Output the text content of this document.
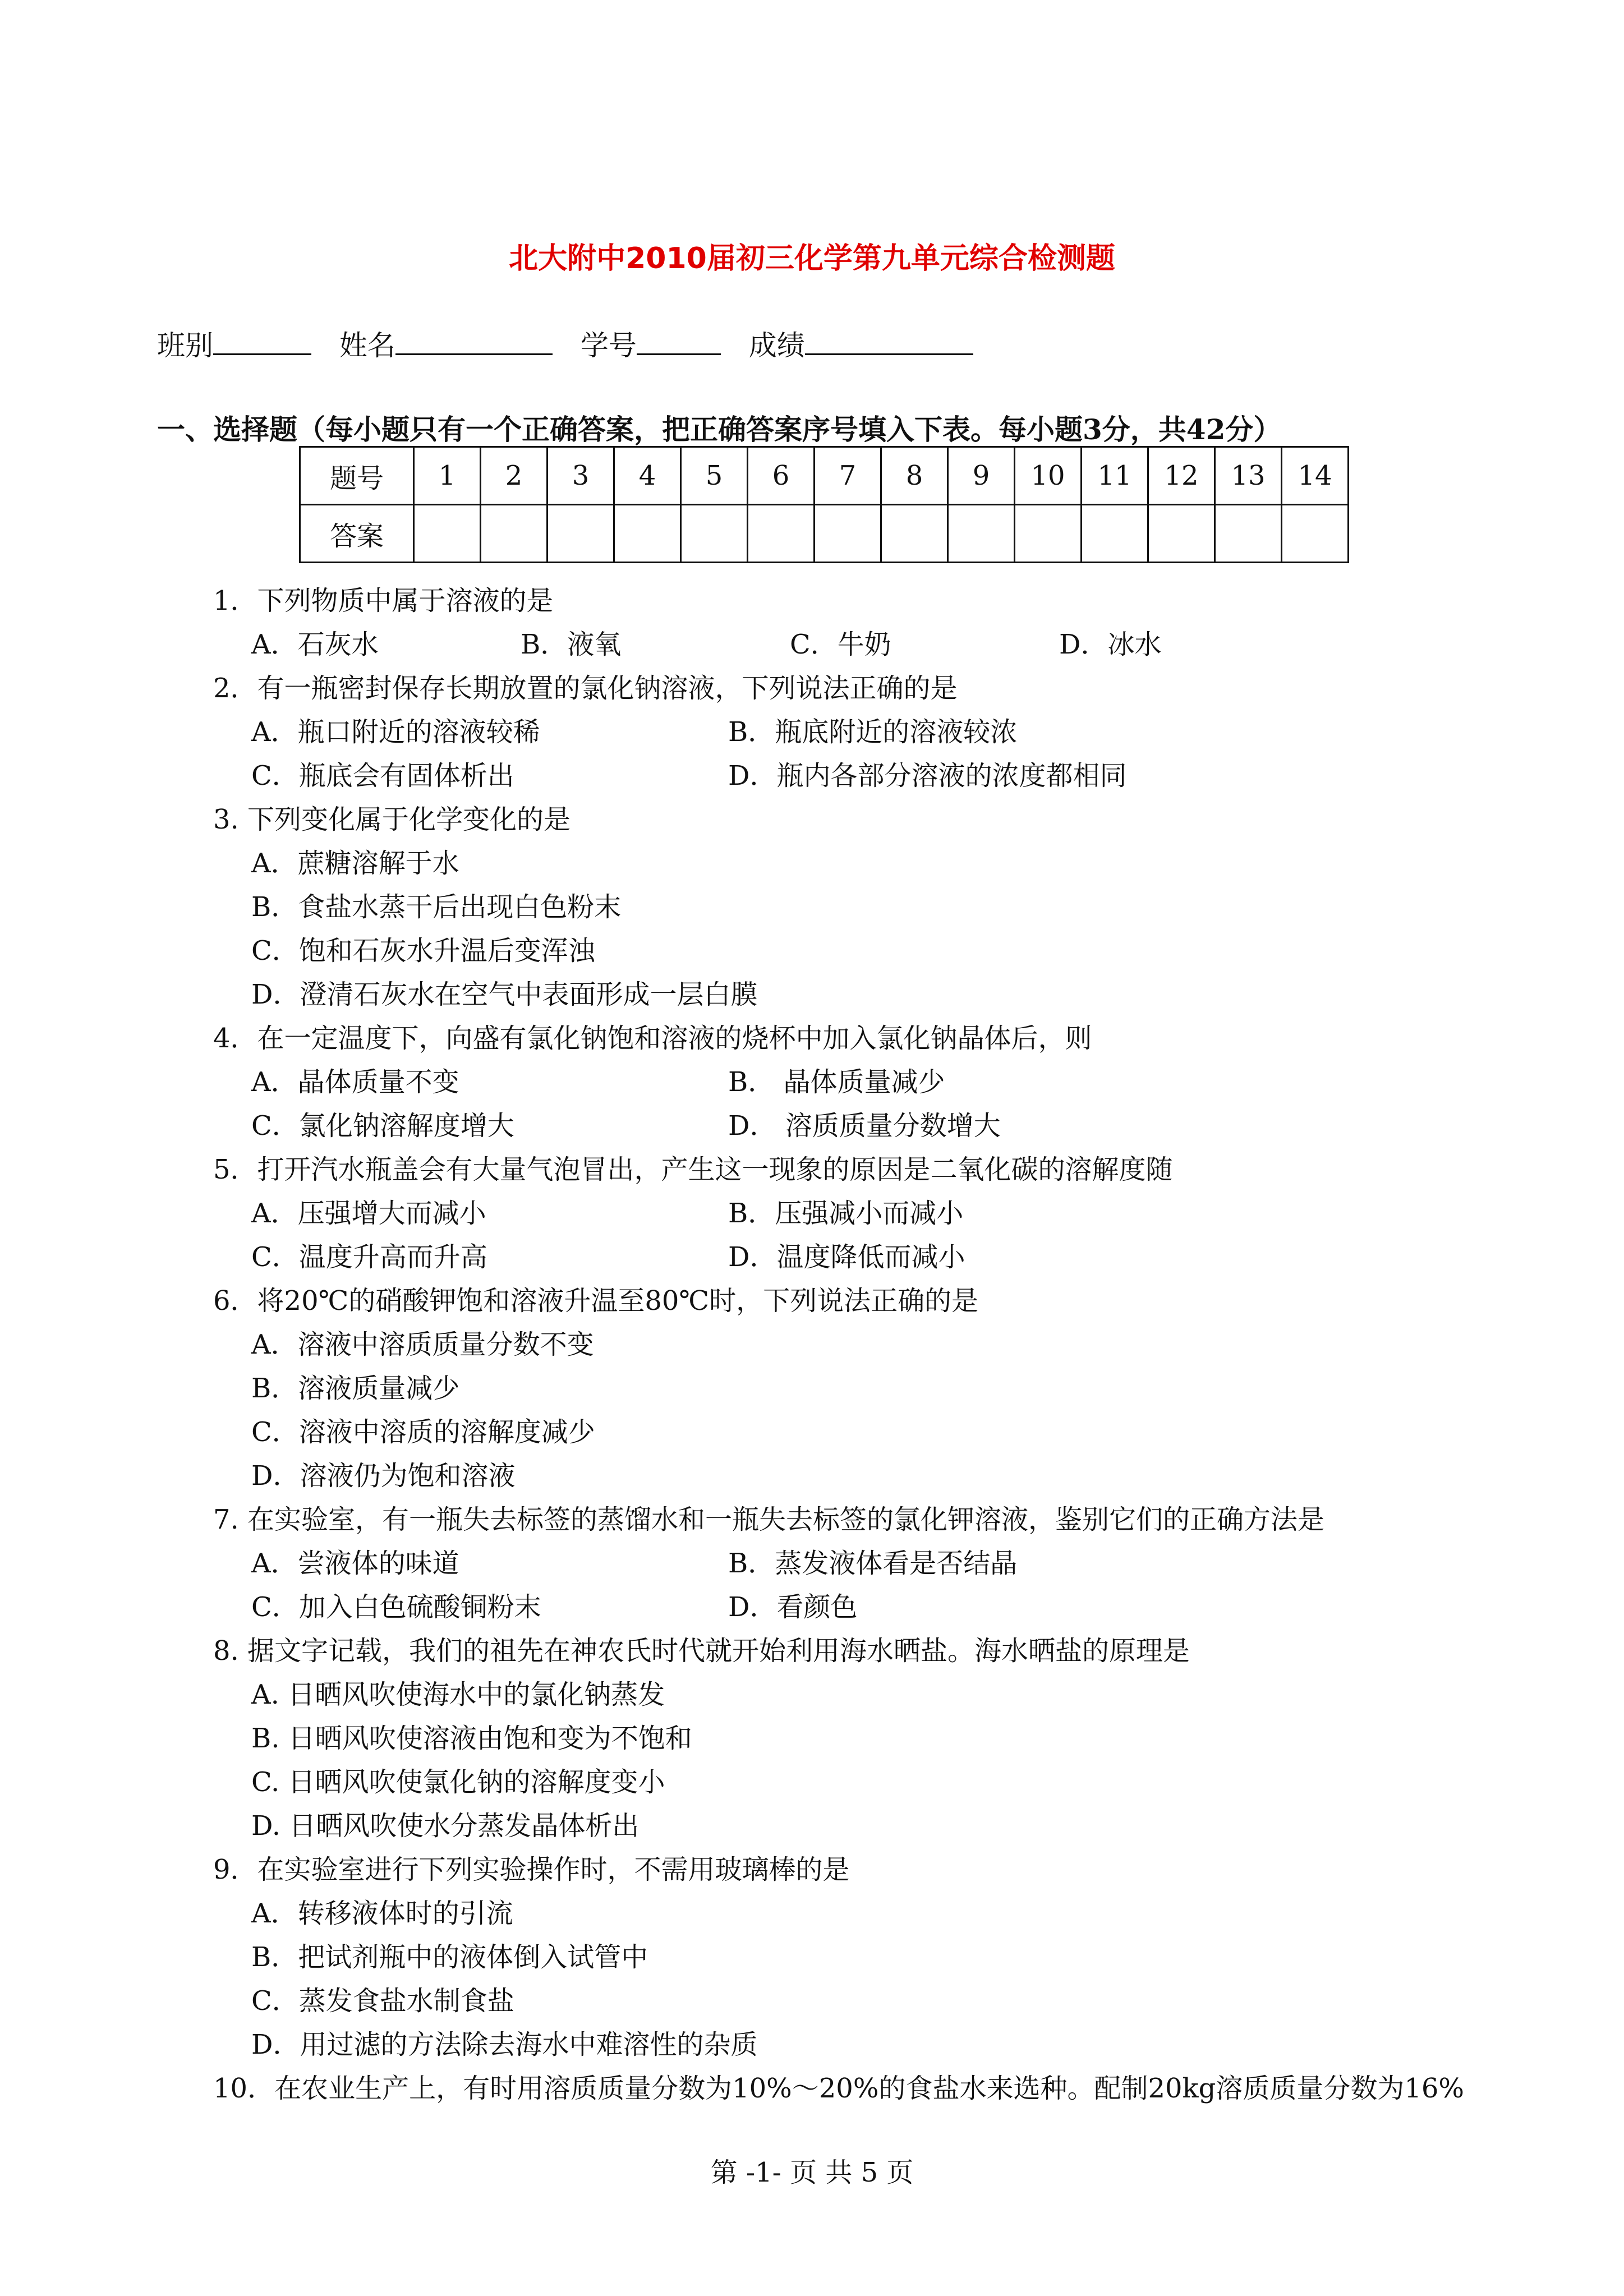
北大附中2010届初三化学第九单元综合检测题
班别	姓名	学号	成绩
一、选择题（每小题只有一个正确答案，把正确答案序号填入下表。每小题3分，共42分）
题号	1	2	3	4	5	6	7	8	9	10	11	12	13	14
答案														
1．下列物质中属于溶液的是
A．石灰水	B．液氧	C．牛奶	D．冰水
2．有一瓶密封保存长期放置的氯化钠溶液，下列说法正确的是
A．瓶口附近的溶液较稀	B．瓶底附近的溶液较浓
C．瓶底会有固体析出	D．瓶内各部分溶液的浓度都相同
3. 下列变化属于化学变化的是
A．蔗糖溶解于水
B．食盐水蒸干后出现白色粉末
C．饱和石灰水升温后变浑浊
D．澄清石灰水在空气中表面形成一层白膜
4．在一定温度下，向盛有氯化钠饱和溶液的烧杯中加入氯化钠晶体后，则
A．晶体质量不变	B． 晶体质量减少
C．氯化钠溶解度增大	D． 溶质质量分数增大
5．打开汽水瓶盖会有大量气泡冒出，产生这一现象的原因是二氧化碳的溶解度随
A．压强增大而减小	B．压强减小而减小
C．温度升高而升高	D．温度降低而减小
6．将20℃的硝酸钾饱和溶液升温至80℃时，下列说法正确的是
A．溶液中溶质质量分数不变
B．溶液质量减少
C．溶液中溶质的溶解度减少
D．溶液仍为饱和溶液
7. 在实验室，有一瓶失去标签的蒸馏水和一瓶失去标签的氯化钾溶液，鉴别它们的正确方法是
A．尝液体的味道	B．蒸发液体看是否结晶
C．加入白色硫酸铜粉末	D．看颜色
8. 据文字记载，我们的祖先在神农氏时代就开始利用海水晒盐。海水晒盐的原理是
A. 日晒风吹使海水中的氯化钠蒸发
B. 日晒风吹使溶液由饱和变为不饱和
C. 日晒风吹使氯化钠的溶解度变小
D. 日晒风吹使水分蒸发晶体析出
9．在实验室进行下列实验操作时，不需用玻璃棒的是
A．转移液体时的引流
B．把试剂瓶中的液体倒入试管中
C．蒸发食盐水制食盐
D．用过滤的方法除去海水中难溶性的杂质
10．在农业生产上，有时用溶质质量分数为10%～20%的食盐水来选种。配制20kg溶质质量分数为16%
第 -1- 页 共 5 页
